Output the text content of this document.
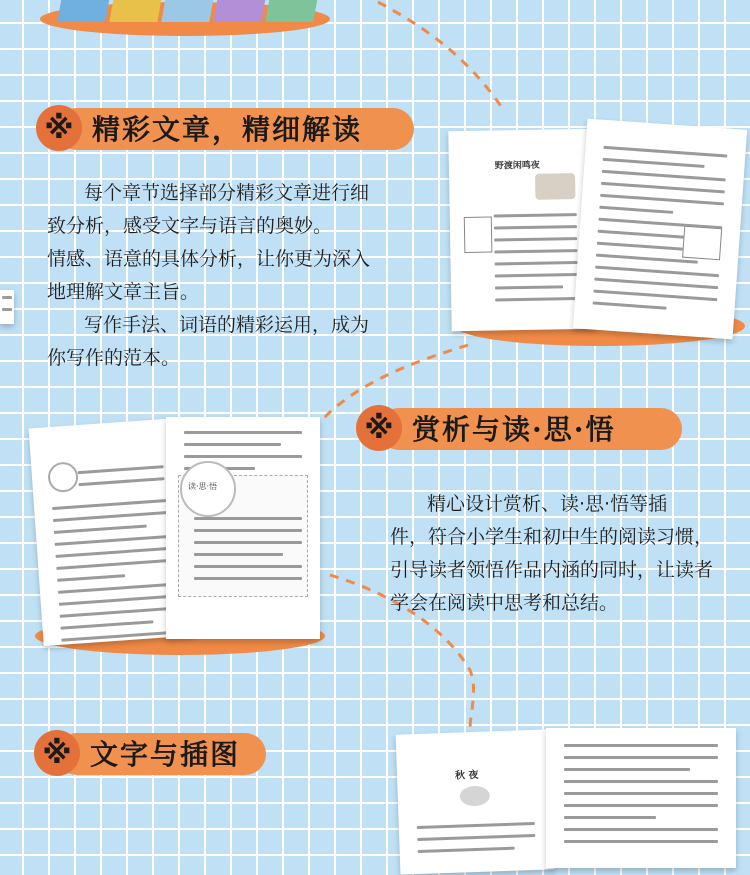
※ 精彩文章，精细解读
每个章节选择部分精彩文章进行细
致分析，感受文字与语言的奥妙。
情感、语意的具体分析，让你更为深入
地理解文章主旨。
写作手法、词语的精彩运用，成为
你写作的范本。
野渡闲鸣夜
读·思·悟
※ 赏析与读·思·悟
精心设计赏析、读·思·悟等插
件，符合小学生和初中生的阅读习惯，
引导读者领悟作品内涵的同时，让读者
学会在阅读中思考和总结。
※ 文字与插图
秋 夜
